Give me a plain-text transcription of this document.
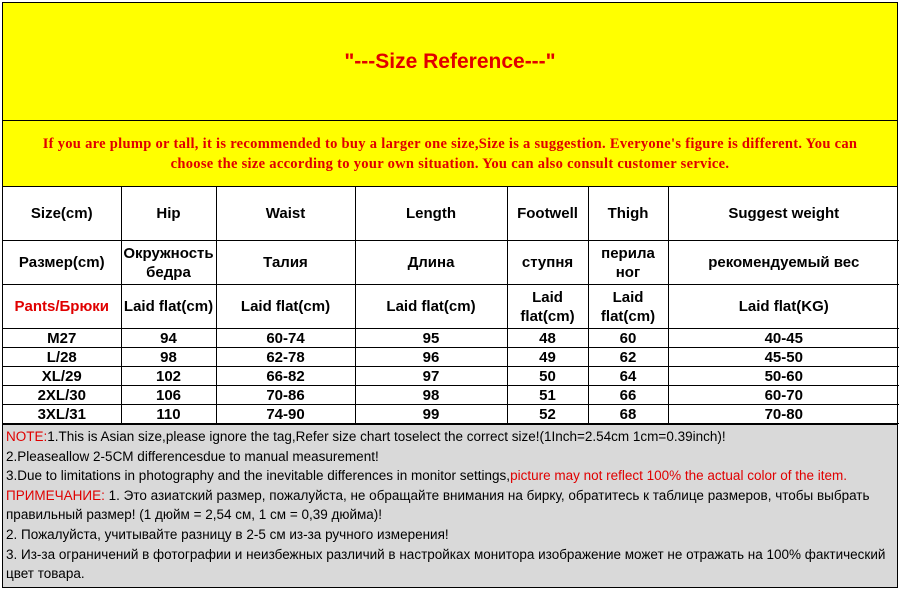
"---Size Reference---"
If you are plump or tall, it is recommended to buy a larger one size,Size is a suggestion. Everyone's figure is different. You can choose the size according to your own situation. You can also consult customer service.
Size(cm)	Hip	Waist	Length	Footwell	Thigh	Suggest weight
Размер(cm)	Окружность бедра	Талия	Длина	ступня	перила ног	рекомендуемый вес
Pants/Брюки	Laid flat(cm)	Laid flat(cm)	Laid flat(cm)	Laid flat(cm)	Laid flat(cm)	Laid flat(KG)
M27	94	60-74	95	48	60	40-45
L/28	98	62-78	96	49	62	45-50
XL/29	102	66-82	97	50	64	50-60
2XL/30	106	70-86	98	51	66	60-70
3XL/31	110	74-90	99	52	68	70-80
NOTE:1.This is Asian size,please ignore the tag,Refer size chart toselect the correct size!(1Inch=2.54cm 1cm=0.39inch)!
2.Pleaseallow 2-5CM differencesdue to manual measurement!
3.Due to limitations in photography and the inevitable differences in monitor settings,picture may not reflect 100% the actual color of the item.
ПРИМЕЧАНИЕ: 1. Это азиатский размер, пожалуйста, не обращайте внимания на бирку, обратитесь к таблице размеров, чтобы выбрать правильный размер! (1 дюйм = 2,54 см, 1 см = 0,39 дюйма)!
2. Пожалуйста, учитывайте разницу в 2-5 см из-за ручного измерения!
3. Из-за ограничений в фотографии и неизбежных различий в настройках монитора изображение может не отражать на 100% фактический цвет товара.
